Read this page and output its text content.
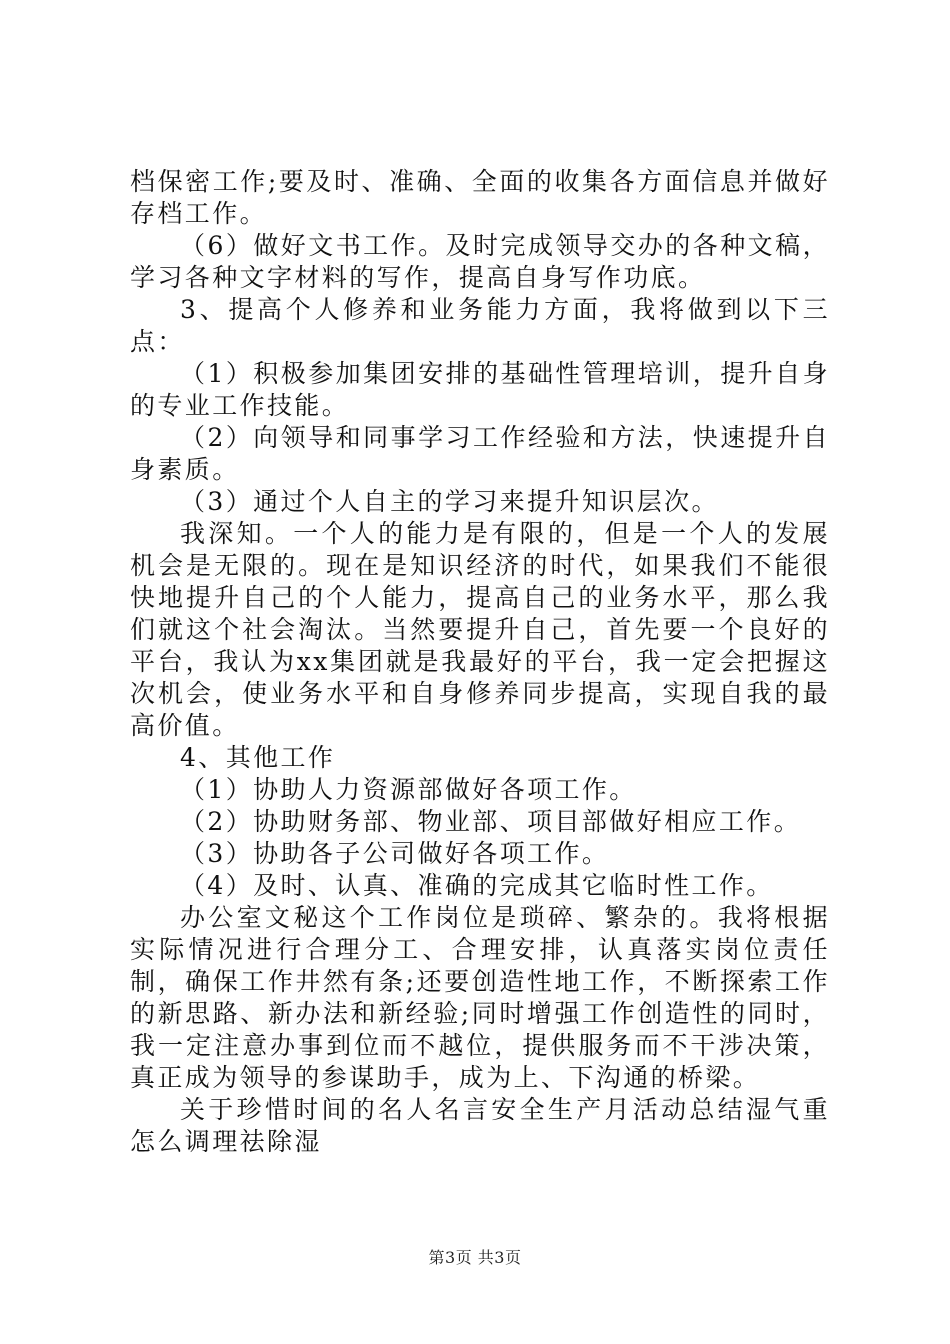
档保密工作;要及时、准确、全面的收集各方面信息并做好存档工作。

（6）做好文书工作。及时完成领导交办的各种文稿，学习各种文字材料的写作，提高自身写作功底。

3、提高个人修养和业务能力方面，我将做到以下三点：

（1）积极参加集团安排的基础性管理培训，提升自身的专业工作技能。

（2）向领导和同事学习工作经验和方法，快速提升自身素质。

（3）通过个人自主的学习来提升知识层次。

我深知。一个人的能力是有限的，但是一个人的发展机会是无限的。现在是知识经济的时代，如果我们不能很快地提升自己的个人能力，提高自己的业务水平，那么我们就这个社会淘汰。当然要提升自己，首先要一个良好的平台，我认为xx集团就是我最好的平台，我一定会把握这次机会，使业务水平和自身修养同步提高，实现自我的最高价值。

4、其他工作

（1）协助人力资源部做好各项工作。

（2）协助财务部、物业部、项目部做好相应工作。

（3）协助各子公司做好各项工作。

（4）及时、认真、准确的完成其它临时性工作。

办公室文秘这个工作岗位是琐碎、繁杂的。我将根据实际情况进行合理分工、合理安排，认真落实岗位责任制，确保工作井然有条;还要创造性地工作，不断探索工作的新思路、新办法和新经验;同时增强工作创造性的同时，我一定注意办事到位而不越位，提供服务而不干涉决策，真正成为领导的参谋助手，成为上、下沟通的桥梁。

关于珍惜时间的名人名言安全生产月活动总结湿气重怎么调理祛除湿

第3页 共3页
